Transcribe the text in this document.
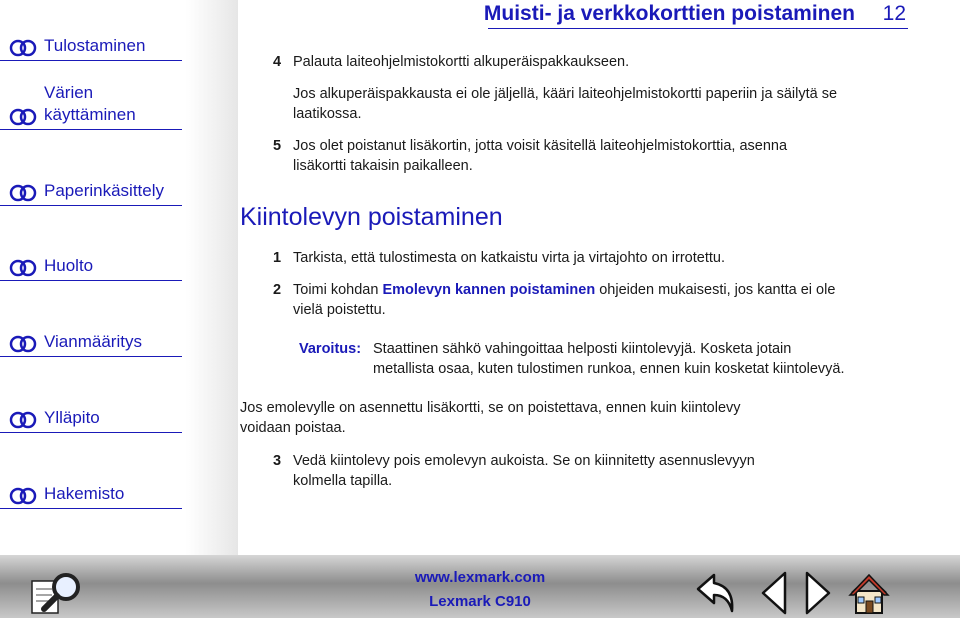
Tulostaminen
Värien
käyttäminen
Paperinkäsittely
Huolto
Vianmääritys
Ylläpito
Hakemisto
Muisti- ja verkkokorttien poistaminen 12
4 Palauta laiteohjelmistokortti alkuperäispakkaukseen.
Jos alkuperäispakkausta ei ole jäljellä, kääri laiteohjelmistokortti paperiin ja säilytä se
laatikossa.
5 Jos olet poistanut lisäkortin, jotta voisit käsitellä laiteohjelmistokorttia, asenna
lisäkortti takaisin paikalleen.
Kiintolevyn poistaminen
1 Tarkista, että tulostimesta on katkaistu virta ja virtajohto on irrotettu.
2 Toimi kohdan Emolevyn kannen poistaminen ohjeiden mukaisesti, jos kantta ei ole
vielä poistettu.
Varoitus: Staattinen sähkö vahingoittaa helposti kiintolevyjä. Kosketa jotain
metallista osaa, kuten tulostimen runkoa, ennen kuin kosketat kiintolevyä.
Jos emolevylle on asennettu lisäkortti, se on poistettava, ennen kuin kiintolevy
voidaan poistaa.
3 Vedä kiintolevy pois emolevyn aukoista. Se on kiinnitetty asennuslevyyn
kolmella tapilla.
www.lexmark.com
Lexmark C910
